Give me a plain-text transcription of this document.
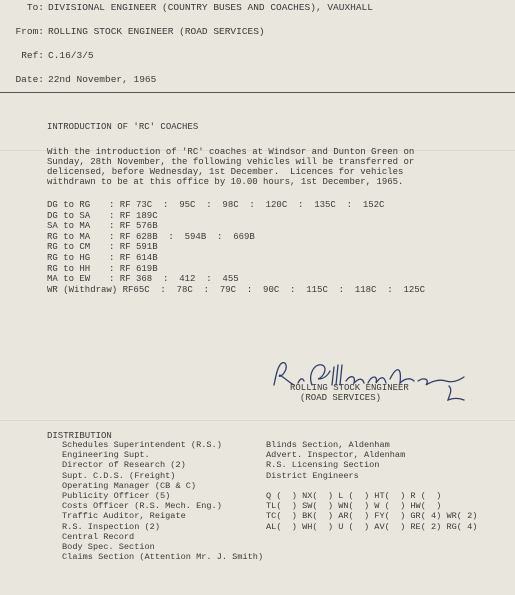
To: DIVISIONAL ENGINEER (COUNTRY BUSES AND COACHES), VAUXHALL
From: ROLLING STOCK ENGINEER (ROAD SERVICES)
Ref: C.16/3/5
Date: 22nd November, 1965
INTRODUCTION OF 'RC' COACHES
With the introduction of 'RC' coaches at Windsor and Dunton Green on
Sunday, 28th November, the following vehicles will be transferred or
delicensed, before Wednesday, 1st December.  Licences for vehicles
withdrawn to be at this office by 10.00 hours, 1st December, 1965.
DG to RG : RF 73C  :  95C  :  98C  :  120C  :  135C  :  152C
DG to SA : RF 189C
SA to MA : RF 576B
RG to MA : RF 628B  :  594B  :  669B
RG to CM : RF 591B
RG to HG : RF 614B
RG to HH : RF 619B
MA to EW : RF 368  :  412  :  455
WR (Withdraw) RF65C  :  78C  :  79C  :  90C  :  115C  :  118C  :  125C
ROLLING STOCK ENGINEER
(ROAD SERVICES)
DISTRIBUTION
Schedules Superintendent (R.S.)
Engineering Supt.
Director of Research (2)
Supt. C.D.S. (Freight)
Operating Manager (CB & C)
Publicity Officer (5)
Costs Officer (R.S. Mech. Eng.)
Traffic Auditor, Reigate
R.S. Inspection (2)
Central Record
Body Spec. Section
Claims Section (Attention Mr. J. Smith)
Blinds Section, Aldenham
Advert. Inspector, Aldenham
R.S. Licensing Section
District Engineers
Q (  ) NX(  ) L (  ) HT(  ) R (  )
TL(  ) SW(  ) WN(  ) W (  ) HW(  )
TC(  ) BK(  ) AR(  ) FY(  ) GR( 4) WR( 2)
AL(  ) WH(  ) U (  ) AV(  ) RE( 2) RG( 4)
